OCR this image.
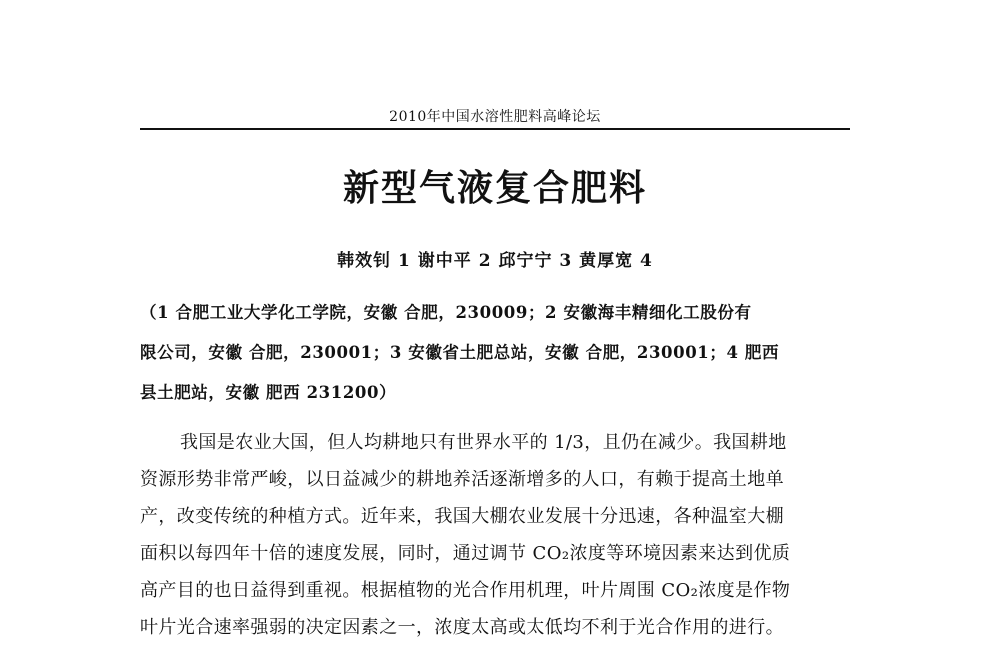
2010年中国水溶性肥料高峰论坛
新型气液复合肥料
韩效钊 1 谢中平 2 邱宁宁 3 黄厚宽 4
（1 合肥工业大学化工学院，安徽 合肥，230009；2 安徽海丰精细化工股份有
限公司，安徽 合肥，230001；3 安徽省土肥总站，安徽 合肥，230001；4 肥西
县土肥站，安徽 肥西 231200）
我国是农业大国，但人均耕地只有世界水平的 1/3，且仍在减少。我国耕地
资源形势非常严峻，以日益减少的耕地养活逐渐增多的人口，有赖于提高土地单
产，改变传统的种植方式。近年来，我国大棚农业发展十分迅速，各种温室大棚
面积以每四年十倍的速度发展，同时，通过调节 CO₂浓度等环境因素来达到优质
高产目的也日益得到重视。根据植物的光合作用机理，叶片周围 CO₂浓度是作物
叶片光合速率强弱的决定因素之一，浓度太高或太低均不利于光合作用的进行。
